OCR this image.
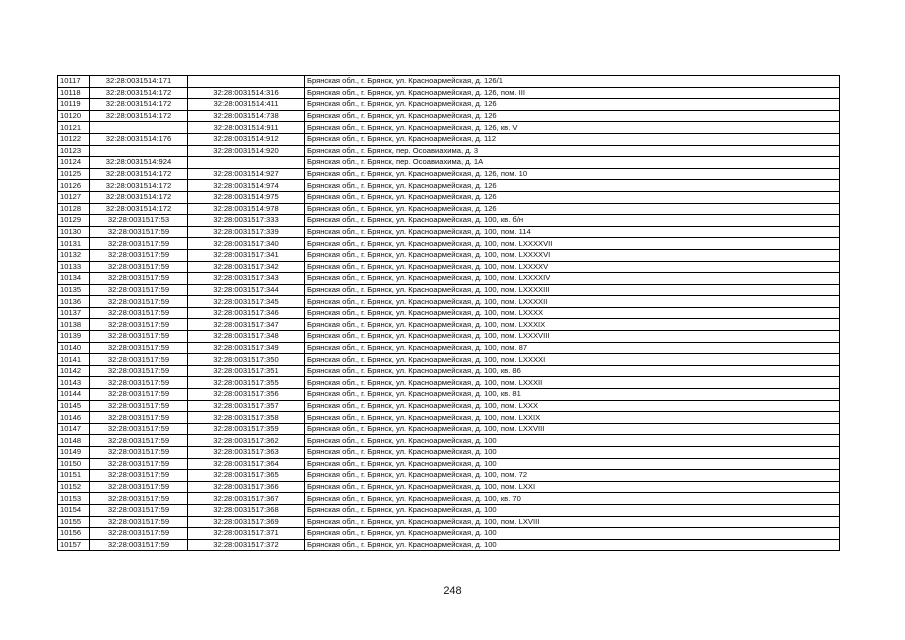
10117	32:28:0031514:171		Брянская обл., г. Брянск, ул. Красноармейская, д. 126/1
10118	32:28:0031514:172	32:28:0031514:316	Брянская обл., г. Брянск, ул. Красноармейская, д. 126, пом. III
10119	32:28:0031514:172	32:28:0031514:411	Брянская обл., г. Брянск, ул. Красноармейская, д. 126
10120	32:28:0031514:172	32:28:0031514:738	Брянская обл., г. Брянск, ул. Красноармейская, д. 126
10121		32:28:0031514:911	Брянская обл., г. Брянск, ул. Красноармейская, д. 126, кв. V
10122	32:28:0031514:176	32:28:0031514:912	Брянская обл., г. Брянск, ул. Красноармейская, д. 112
10123		32:28:0031514:920	Брянская обл., г. Брянск, пер. Осоавиахима, д. 3
10124	32:28:0031514:924		Брянская обл., г. Брянск, пер. Осоавиахима, д. 1А
10125	32:28:0031514:172	32:28:0031514:927	Брянская обл., г. Брянск, ул. Красноармейская, д. 126, пом. 10
10126	32:28:0031514:172	32:28:0031514:974	Брянская обл., г. Брянск, ул. Красноармейская, д. 126
10127	32:28:0031514:172	32:28:0031514:975	Брянская обл., г. Брянск, ул. Красноармейская, д. 126
10128	32:28:0031514:172	32:28:0031514:978	Брянская обл., г. Брянск, ул. Красноармейская, д. 126
10129	32:28:0031517:53	32:28:0031517:333	Брянская обл., г. Брянск, ул. Красноармейская, д. 100, кв. б/н
10130	32:28:0031517:59	32:28:0031517:339	Брянская обл., г. Брянск, ул. Красноармейская, д. 100, пом. 114
10131	32:28:0031517:59	32:28:0031517:340	Брянская обл., г. Брянск, ул. Красноармейская, д. 100, пом. LXXXXVII
10132	32:28:0031517:59	32:28:0031517:341	Брянская обл., г. Брянск, ул. Красноармейская, д. 100, пом. LXXXXVI
10133	32:28:0031517:59	32:28:0031517:342	Брянская обл., г. Брянск, ул. Красноармейская, д. 100, пом. LXXXXV
10134	32:28:0031517:59	32:28:0031517:343	Брянская обл., г. Брянск, ул. Красноармейская, д. 100, пом. LXXXXIV
10135	32:28:0031517:59	32:28:0031517:344	Брянская обл., г. Брянск, ул. Красноармейская, д. 100, пом. LXXXXIII
10136	32:28:0031517:59	32:28:0031517:345	Брянская обл., г. Брянск, ул. Красноармейская, д. 100, пом. LXXXXII
10137	32:28:0031517:59	32:28:0031517:346	Брянская обл., г. Брянск, ул. Красноармейская, д. 100, пом. LXXXX
10138	32:28:0031517:59	32:28:0031517:347	Брянская обл., г. Брянск, ул. Красноармейская, д. 100, пом. LXXXIX
10139	32:28:0031517:59	32:28:0031517:348	Брянская обл., г. Брянск, ул. Красноармейская, д. 100, пом. LXXXVIII
10140	32:28:0031517:59	32:28:0031517:349	Брянская обл., г. Брянск, ул. Красноармейская, д. 100, пом. 87
10141	32:28:0031517:59	32:28:0031517:350	Брянская обл., г. Брянск, ул. Красноармейская, д. 100, пом. LXXXXI
10142	32:28:0031517:59	32:28:0031517:351	Брянская обл., г. Брянск, ул. Красноармейская, д. 100, кв. 86
10143	32:28:0031517:59	32:28:0031517:355	Брянская обл., г. Брянск, ул. Красноармейская, д. 100, пом. LXXXII
10144	32:28:0031517:59	32:28:0031517:356	Брянская обл., г. Брянск, ул. Красноармейская, д. 100, кв. 81
10145	32:28:0031517:59	32:28:0031517:357	Брянская обл., г. Брянск, ул. Красноармейская, д. 100, пом. LXXX
10146	32:28:0031517:59	32:28:0031517:358	Брянская обл., г. Брянск, ул. Красноармейская, д. 100, пом. LXXIX
10147	32:28:0031517:59	32:28:0031517:359	Брянская обл., г. Брянск, ул. Красноармейская, д. 100, пом. LXXVIII
10148	32:28:0031517:59	32:28:0031517:362	Брянская обл., г. Брянск, ул. Красноармейская, д. 100
10149	32:28:0031517:59	32:28:0031517:363	Брянская обл., г. Брянск, ул. Красноармейская, д. 100
10150	32:28:0031517:59	32:28:0031517:364	Брянская обл., г. Брянск, ул. Красноармейская, д. 100
10151	32:28:0031517:59	32:28:0031517:365	Брянская обл., г. Брянск, ул. Красноармейская, д. 100, пом. 72
10152	32:28:0031517:59	32:28:0031517:366	Брянская обл., г. Брянск, ул. Красноармейская, д. 100, пом. LXXI
10153	32:28:0031517:59	32:28:0031517:367	Брянская обл., г. Брянск, ул. Красноармейская, д. 100, кв. 70
10154	32:28:0031517:59	32:28:0031517:368	Брянская обл., г. Брянск, ул. Красноармейская, д. 100
10155	32:28:0031517:59	32:28:0031517:369	Брянская обл., г. Брянск, ул. Красноармейская, д. 100, пом. LXVIII
10156	32:28:0031517:59	32:28:0031517:371	Брянская обл., г. Брянск, ул. Красноармейская, д. 100
10157	32:28:0031517:59	32:28:0031517:372	Брянская обл., г. Брянск, ул. Красноармейская, д. 100
248
